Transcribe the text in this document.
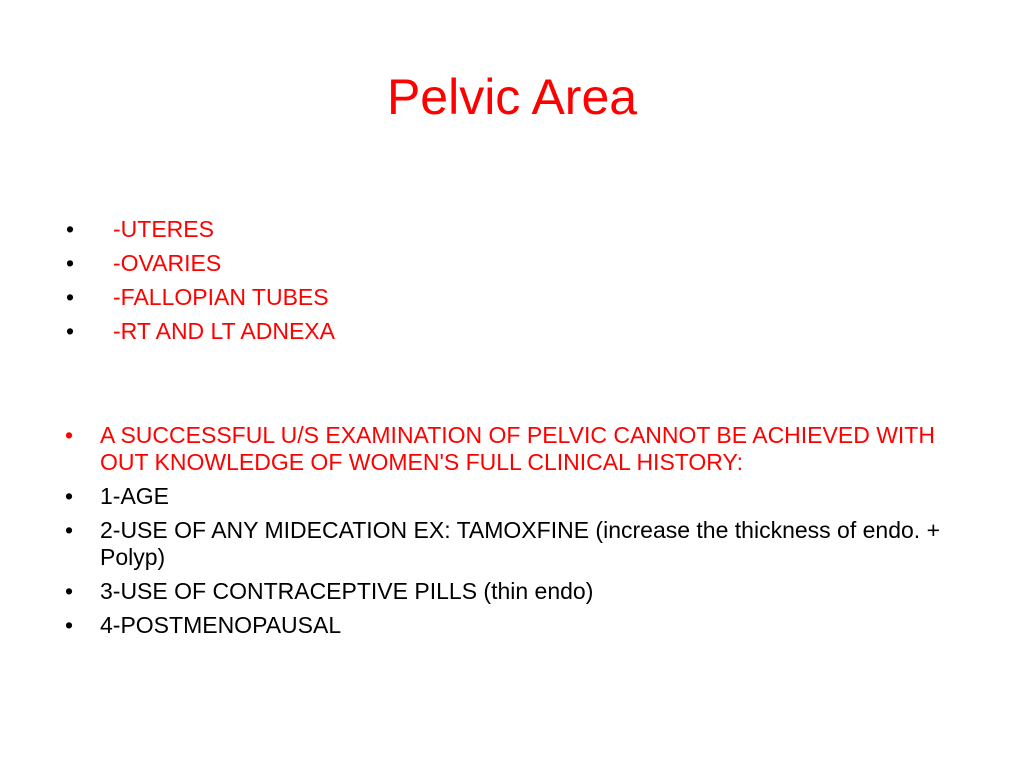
Pelvic Area
• -UTERES
• -OVARIES
• -FALLOPIAN TUBES
• -RT AND LT ADNEXA
• A SUCCESSFUL U/S EXAMINATION OF PELVIC CANNOT BE ACHIEVED WITH OUT KNOWLEDGE OF WOMEN'S FULL CLINICAL HISTORY:
• 1-AGE
• 2-USE OF ANY MIDECATION EX: TAMOXFINE (increase the thickness of endo. + Polyp)
• 3-USE OF CONTRACEPTIVE PILLS (thin endo)
• 4-POSTMENOPAUSAL
